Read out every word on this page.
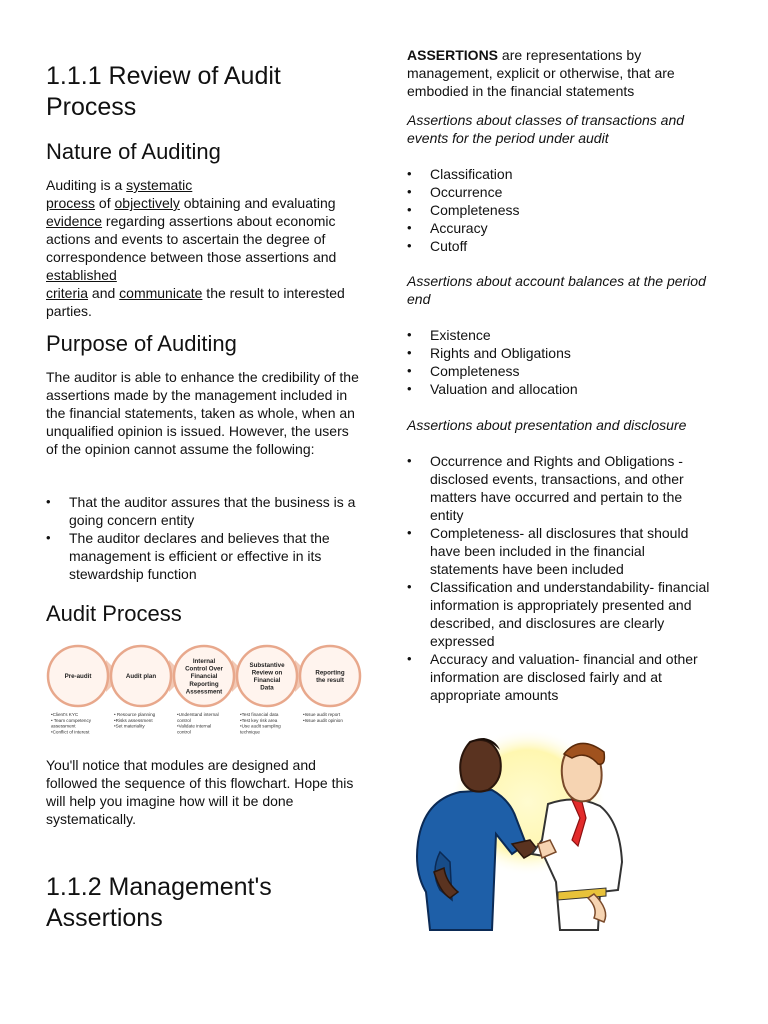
1.1.1 Review of Audit Process
Nature of Auditing

Auditing is a systematic
process of objectively obtaining and evaluating evidence regarding assertions about economic actions and events to ascertain the degree of correspondence between those assertions and established
criteria and communicate the result to interested parties.

Purpose of Auditing

The auditor is able to enhance the credibility of the assertions made by the management included in the financial statements, taken as whole, when an unqualified opinion is issued. However, the users of the opinion cannot assume the following:

• That the auditor assures that the business is a going concern entity
• The auditor declares and believes that the management is efficient or effective in its stewardship function
Audit Process
Pre-audit
•Client's KYC
• Team competency
assessment
•Conflict of interest
Audit plan
• Resource planning
•Risks assessment
•Set materiality
Internal
Control Over
Financial
Reporting
Assessment
•Understand internal
control
•Validate internal
control
Substantive
Review on
Financial
Data
•Test financial data
•Test key risk area
•Use audit sampling
technique
Reporting
the result
•Issue audit report
•Issue audit opinion

You'll notice that modules are designed and followed the sequence of this flowchart. Hope this will help you imagine how will it be done systematically.

1.1.2 Management's Assertions

ASSERTIONS are representations by management, explicit or otherwise, that are embodied in the financial statements

Assertions about classes of transactions and events for the period under audit

• Classification
• Occurrence
• Completeness
• Accuracy
• Cutoff

Assertions about account balances at the period end

• Existence
• Rights and Obligations
• Completeness
• Valuation and allocation

Assertions about presentation and disclosure

• Occurrence and Rights and Obligations - disclosed events, transactions, and other matters have occurred and pertain to the entity
• Completeness- all disclosures that should have been included in the financial statements have been included
• Classification and understandability- financial information is appropriately presented and described, and disclosures are clearly expressed
• Accuracy and valuation- financial and other information are disclosed fairly and at appropriate amounts
